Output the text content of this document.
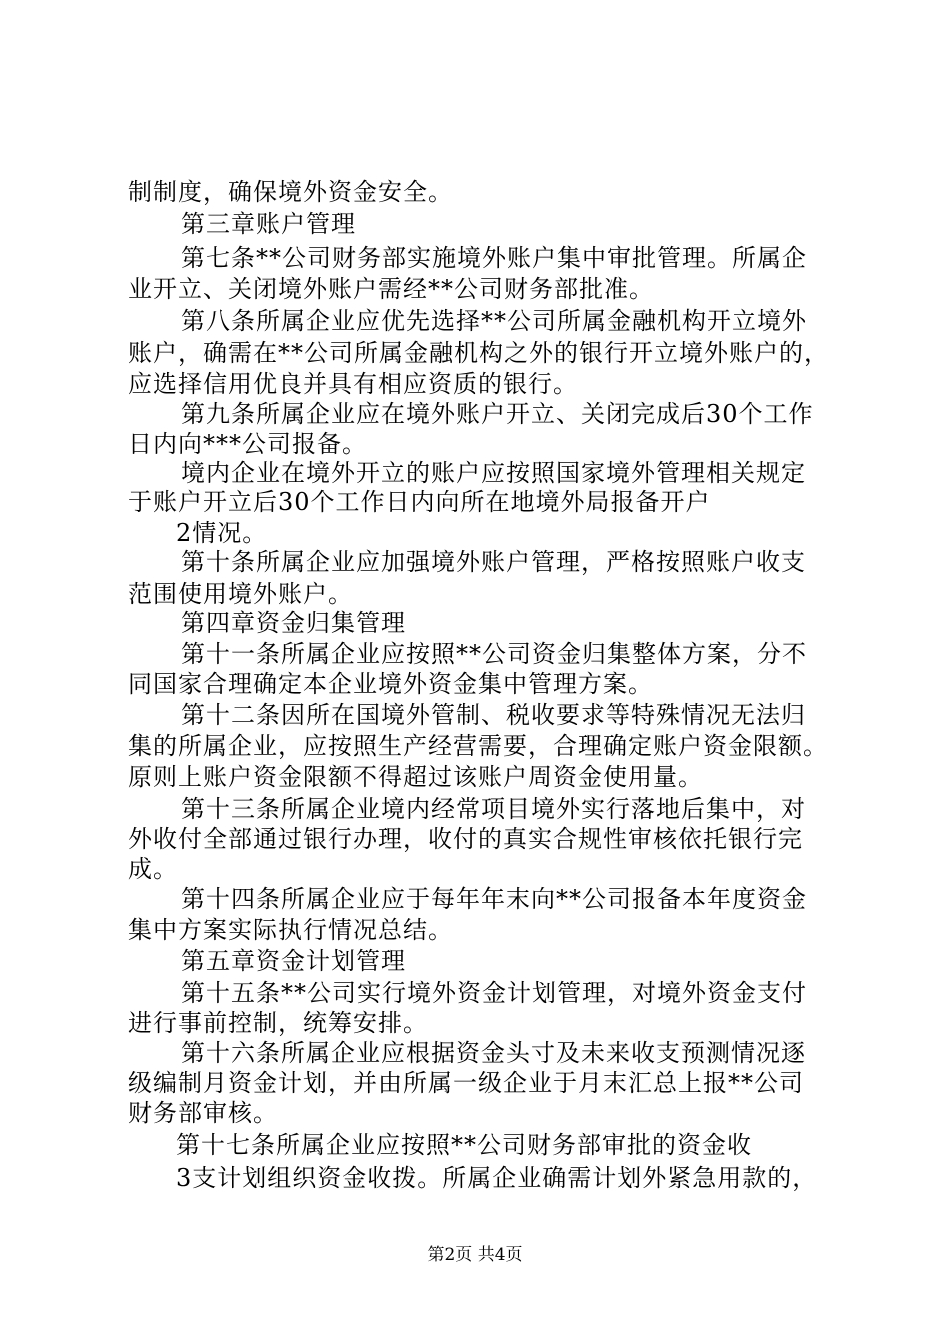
制制度，确保境外资金安全。
第三章账户管理
第七条**公司财务部实施境外账户集中审批管理。所属企
业开立、关闭境外账户需经**公司财务部批准。
第八条所属企业应优先选择**公司所属金融机构开立境外
账户，确需在**公司所属金融机构之外的银行开立境外账户的，
应选择信用优良并具有相应资质的银行。
第九条所属企业应在境外账户开立、关闭完成后30个工作
日内向***公司报备。
境内企业在境外开立的账户应按照国家境外管理相关规定
于账户开立后30个工作日内向所在地境外局报备开户
2情况。
第十条所属企业应加强境外账户管理，严格按照账户收支
范围使用境外账户。
第四章资金归集管理
第十一条所属企业应按照**公司资金归集整体方案，分不
同国家合理确定本企业境外资金集中管理方案。
第十二条因所在国境外管制、税收要求等特殊情况无法归
集的所属企业，应按照生产经营需要，合理确定账户资金限额。
原则上账户资金限额不得超过该账户周资金使用量。
第十三条所属企业境内经常项目境外实行落地后集中，对
外收付全部通过银行办理，收付的真实合规性审核依托银行完
成。
第十四条所属企业应于每年年末向**公司报备本年度资金
集中方案实际执行情况总结。
第五章资金计划管理
第十五条**公司实行境外资金计划管理，对境外资金支付
进行事前控制，统筹安排。
第十六条所属企业应根据资金头寸及未来收支预测情况逐
级编制月资金计划，并由所属一级企业于月末汇总上报**公司
财务部审核。
第十七条所属企业应按照**公司财务部审批的资金收
3支计划组织资金收拨。所属企业确需计划外紧急用款的，
第2页 共4页
